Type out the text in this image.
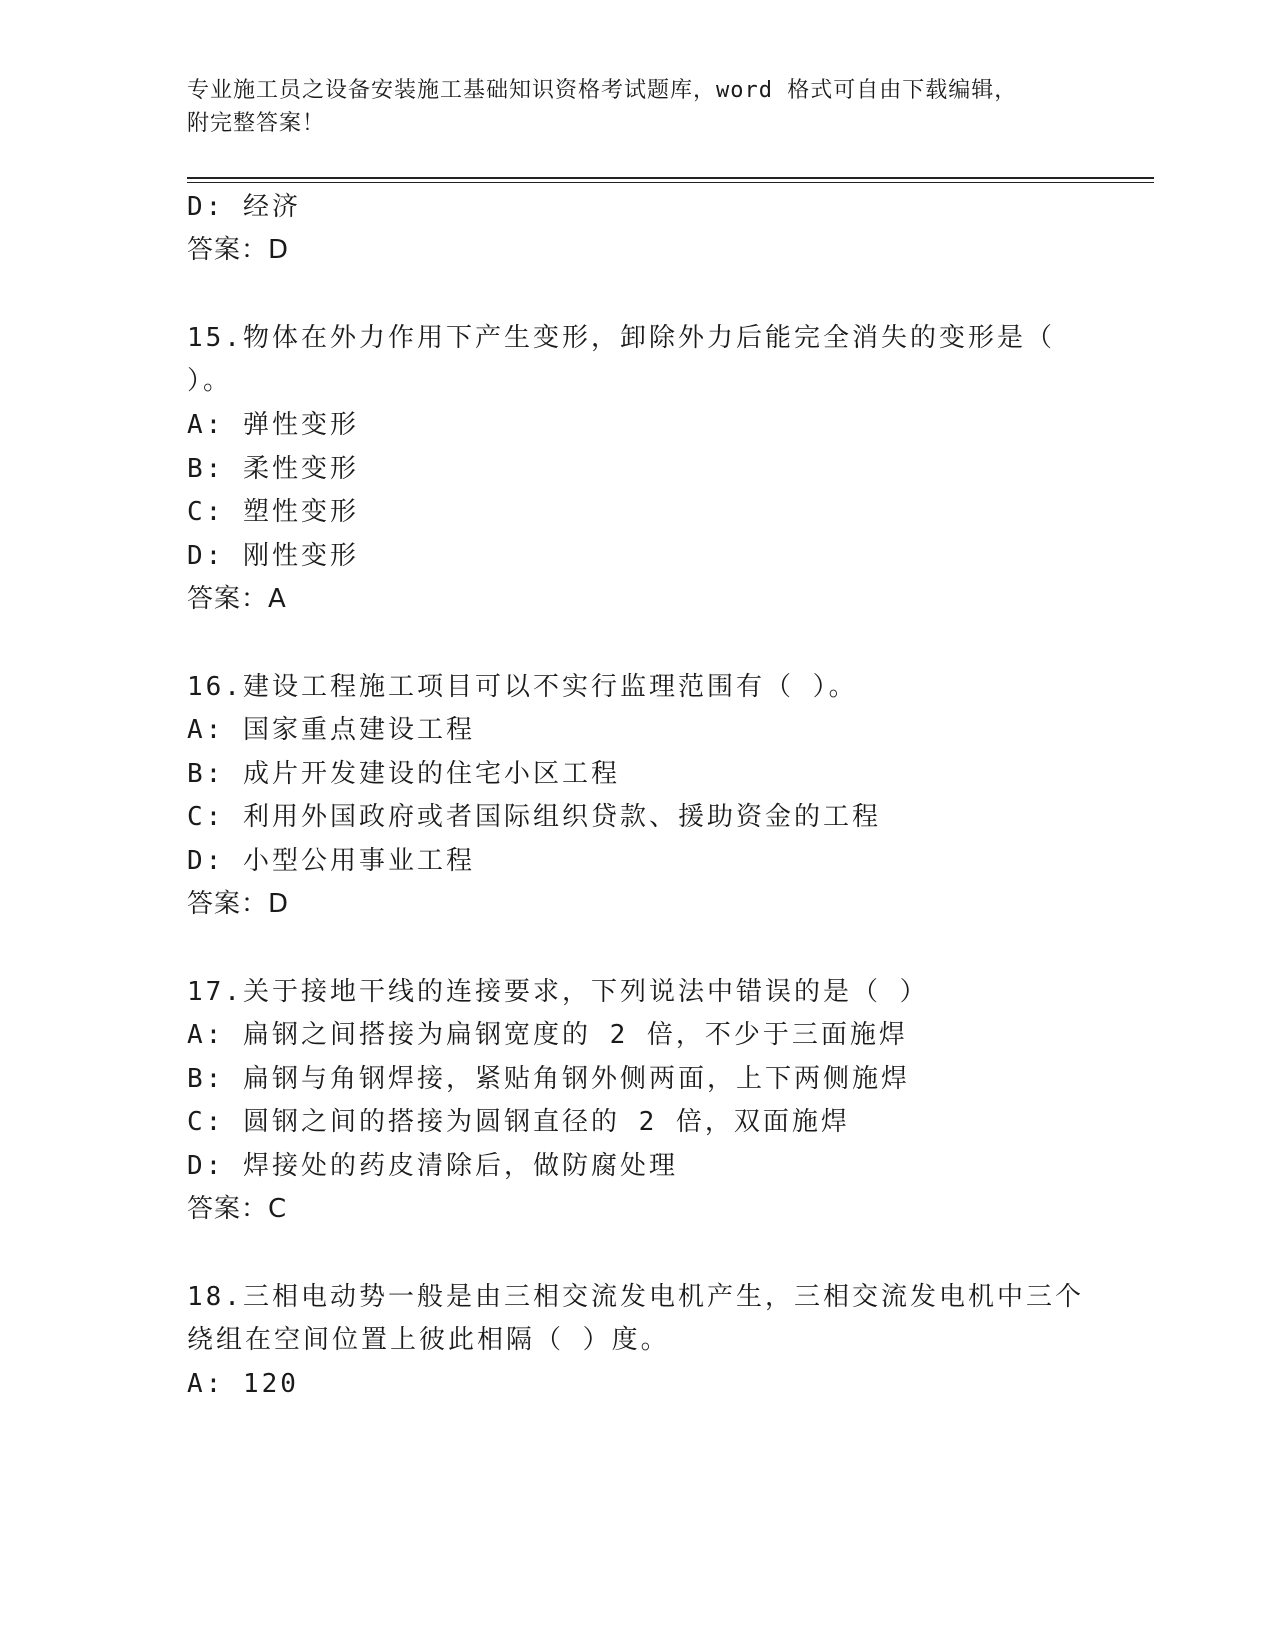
专业施工员之设备安装施工基础知识资格考试题库，word 格式可自由下载编辑，
附完整答案！
D: 经济
答案：D
15.物体在外力作用下产生变形，卸除外力后能完全消失的变形是（
）。
A: 弹性变形
B: 柔性变形
C: 塑性变形
D: 刚性变形
答案：A
16.建设工程施工项目可以不实行监理范围有（ ）。
A: 国家重点建设工程
B: 成片开发建设的住宅小区工程
C: 利用外国政府或者国际组织贷款、援助资金的工程
D: 小型公用事业工程
答案：D
17.关于接地干线的连接要求，下列说法中错误的是（ ）
A: 扁钢之间搭接为扁钢宽度的 2 倍，不少于三面施焊
B: 扁钢与角钢焊接，紧贴角钢外侧两面，上下两侧施焊
C: 圆钢之间的搭接为圆钢直径的 2 倍，双面施焊
D: 焊接处的药皮清除后，做防腐处理
答案：C
18.三相电动势一般是由三相交流发电机产生，三相交流发电机中三个
绕组在空间位置上彼此相隔（ ）度。
A: 120
